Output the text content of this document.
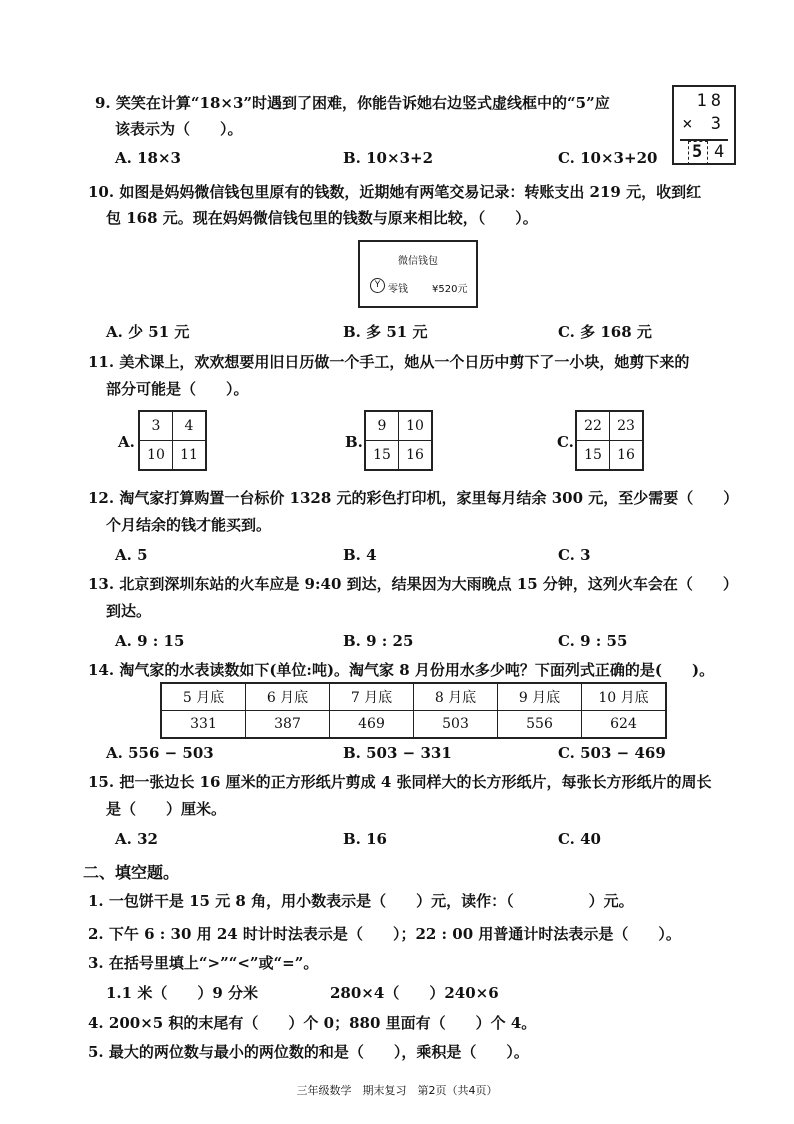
9. 笑笑在计算“18×3”时遇到了困难，你能告诉她右边竖式虚线框中的“5”应
该表示为（　　）。
A. 18×3	B. 10×3+2	C. 10×3+20
18
× 3
5 4
10. 如图是妈妈微信钱包里原有的钱数，近期她有两笔交易记录：转账支出 219 元，收到红
包 168 元。现在妈妈微信钱包里的钱数与原来相比较，（　　）。
微信钱包
Y 零钱 ¥520元
A. 少 51 元	B. 多 51 元	C. 多 168 元
11. 美术课上，欢欢想要用旧日历做一个手工，她从一个日历中剪下了一小块，她剪下来的
部分可能是（　　）。
A.
3	4
10	11
B.
9	10
15	16
C.
22	23
15	16
12. 淘气家打算购置一台标价 1328 元的彩色打印机，家里每月结余 300 元，至少需要（　　）
个月结余的钱才能买到。
A. 5	B. 4	C. 3
13. 北京到深圳东站的火车应是 9:40 到达，结果因为大雨晚点 15 分钟，这列火车会在（　　）
到达。
A. 9 : 15	B. 9 : 25	C. 9 : 55
14. 淘气家的水表读数如下(单位:吨)。淘气家 8 月份用水多少吨？下面列式正确的是(　　)。
5 月底	6 月底	7 月底	8 月底	9 月底	10 月底
331	387	469	503	556	624
A. 556 − 503	B. 503 − 331	C. 503 − 469
15. 把一张边长 16 厘米的正方形纸片剪成 4 张同样大的长方形纸片，每张长方形纸片的周长
是（　　）厘米。
A. 32	B. 16	C. 40
二、填空题。
1. 一包饼干是 15 元 8 角，用小数表示是（　　）元，读作：（　　　　　）元。
2. 下午 6 : 30 用 24 时计时法表示是（　　）；22 : 00 用普通计时法表示是（　　）。
3. 在括号里填上“>”“<”或“=”。
1.1 米（　　）9 分米	280×4（　　）240×6
4. 200×5 积的末尾有（　　）个 0；880 里面有（　　）个 4。
5. 最大的两位数与最小的两位数的和是（　　），乘积是（　　）。
三年级数学　期末复习　第2页（共4页）
